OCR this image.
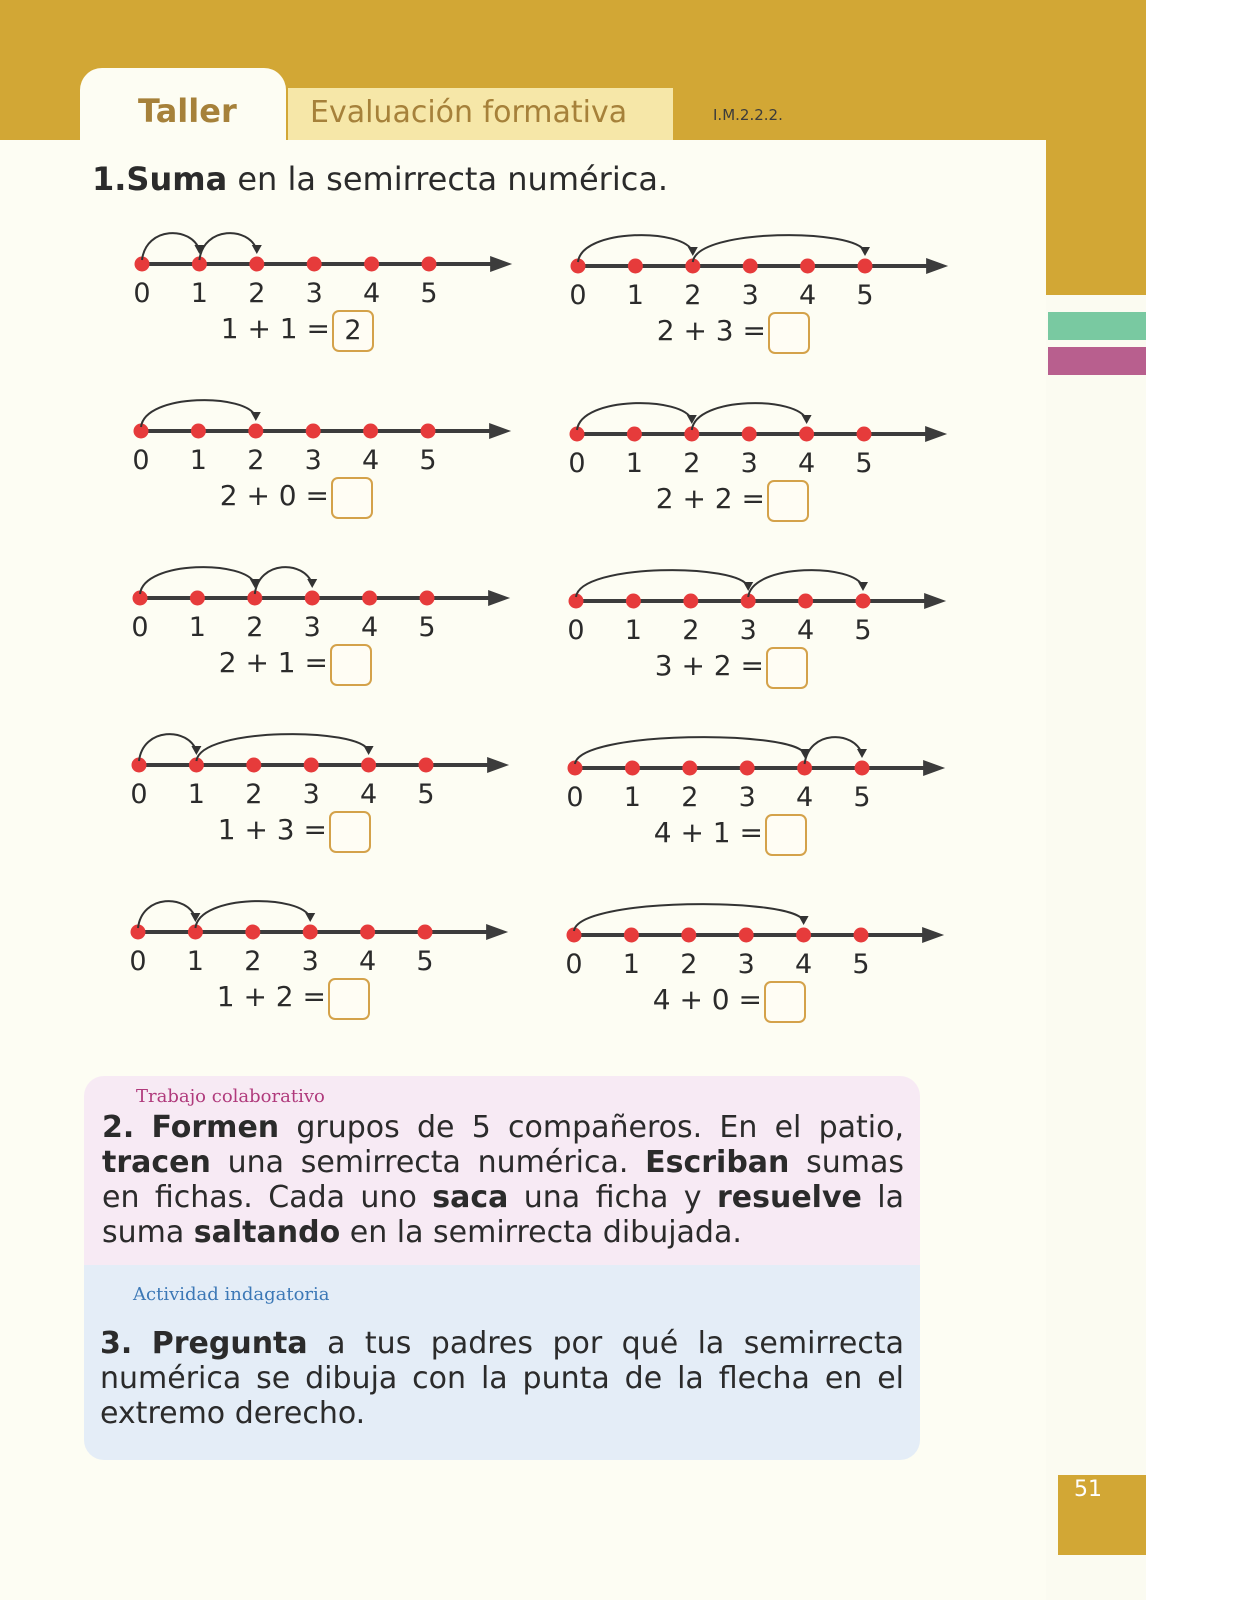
Taller Evaluación formativa	I.M.2.2.2.
1.Suma en la semirrecta numérica.
0 1 2 3 4 5	0 1 2 3 4 5
0 1 2 3 4 5	0 1 2 3 4 5
0 1 2 3 4 5	0 1 2 3 4 5
0 1 2 3 4 5	0 1 2 3 4 5
0 1 2 3 4 5	0 1 2 3 4 5
1 + 1 = 2	2 + 3 =
2 + 0 =	2 + 2 =
2 + 1 =	3 + 2 =
1 + 3 =	4 + 1 =
1 + 2 =	4 + 0 =
Trabajo colaborativo
2. Formen grupos de 5 compañeros. En el patio, tracen una semirrecta numérica. Escriban sumas en fichas. Cada uno saca una ficha y resuelve la suma saltando en la semirrecta dibujada.
Actividad indagatoria
3. Pregunta a tus padres por qué la semirrecta numérica se dibuja con la punta de la flecha en el extremo derecho.
51
